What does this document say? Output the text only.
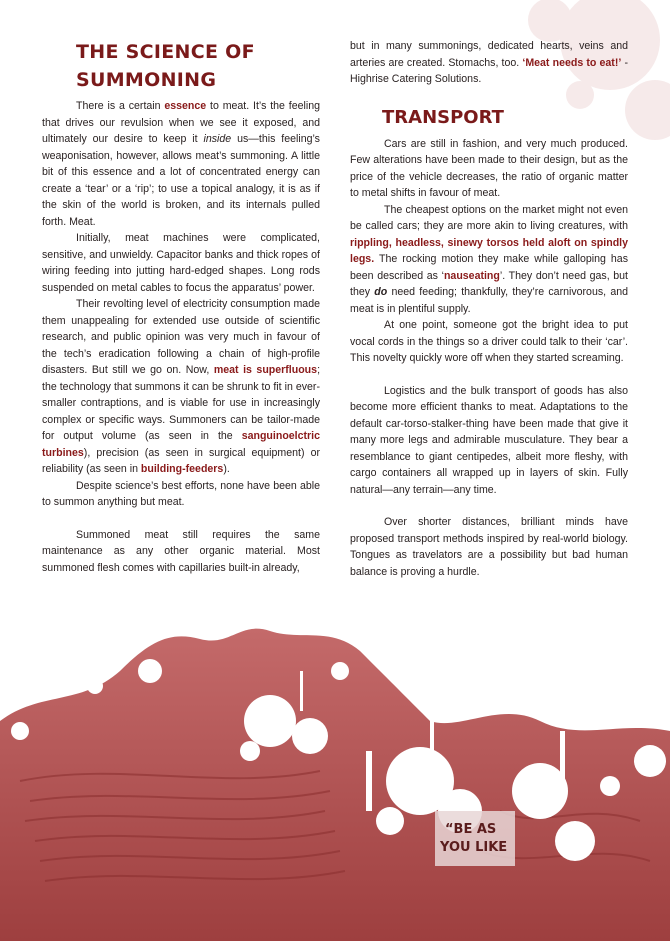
THE SCIENCE OF
SUMMONING

There is a certain essence to meat. It’s the feeling that drives our revulsion when we see it exposed, and ultimately our desire to keep it inside us—this feeling’s weaponisation, however, allows meat’s summoning. A little bit of this essence and a lot of concentrated energy can create a ‘tear’ or a ‘rip’; to use a topical analogy, it is as if the skin of the world is broken, and its internals pulled forth. Meat.

Initially, meat machines were complicated, sensitive, and unwieldy. Capacitor banks and thick ropes of wiring feeding into jutting hard-edged shapes. Long rods suspended on metal cables to focus the apparatus’ power.

Their revolting level of electricity consumption made them unappealing for extended use outside of scientific research, and public opinion was very much in favour of the tech’s eradication following a chain of high-profile disasters. But still we go on. Now, meat is superfluous; the technology that summons it can be shrunk to fit in ever-smaller contraptions, and is viable for use in increasingly complex or specific ways. Summoners can be tailor-made for output volume (as seen in the sanguinoelctric turbines), precision (as seen in surgical equipment) or reliability (as seen in building-feeders).

Despite science’s best efforts, none have been able to summon anything but meat.

Summoned meat still requires the same maintenance as any other organic material. Most summoned flesh comes with capillaries built-in already,

but in many summonings, dedicated hearts, veins and arteries are created. Stomachs, too. ‘Meat needs to eat!’ - Highrise Catering Solutions.

TRANSPORT

Cars are still in fashion, and very much produced. Few alterations have been made to their design, but as the price of the vehicle decreases, the ratio of organic matter to metal shifts in favour of meat.

The cheapest options on the market might not even be called cars; they are more akin to living creatures, with rippling, headless, sinewy torsos held aloft on spindly legs. The rocking motion they make while galloping has been described as ‘nauseating’. They don’t need gas, but they do need feeding; thankfully, they’re carnivorous, and meat is in plentiful supply.

At one point, someone got the bright idea to put vocal cords in the things so a driver could talk to their ‘car’. This novelty quickly wore off when they started screaming.

Logistics and the bulk transport of goods has also become more efficient thanks to meat. Adaptations to the default car-torso-stalker-thing have been made that give it many more legs and admirable musculature. They bear a resemblance to giant centipedes, albeit more fleshy, with cargo containers all wrapped up in layers of skin. Fully natural—any terrain—any time.

Over shorter distances, brilliant minds have proposed transport methods inspired by real-world biology. Tongues as travelators are a possibility but bad human balance is proving a hurdle.

“BE AS
YOU LIKE
